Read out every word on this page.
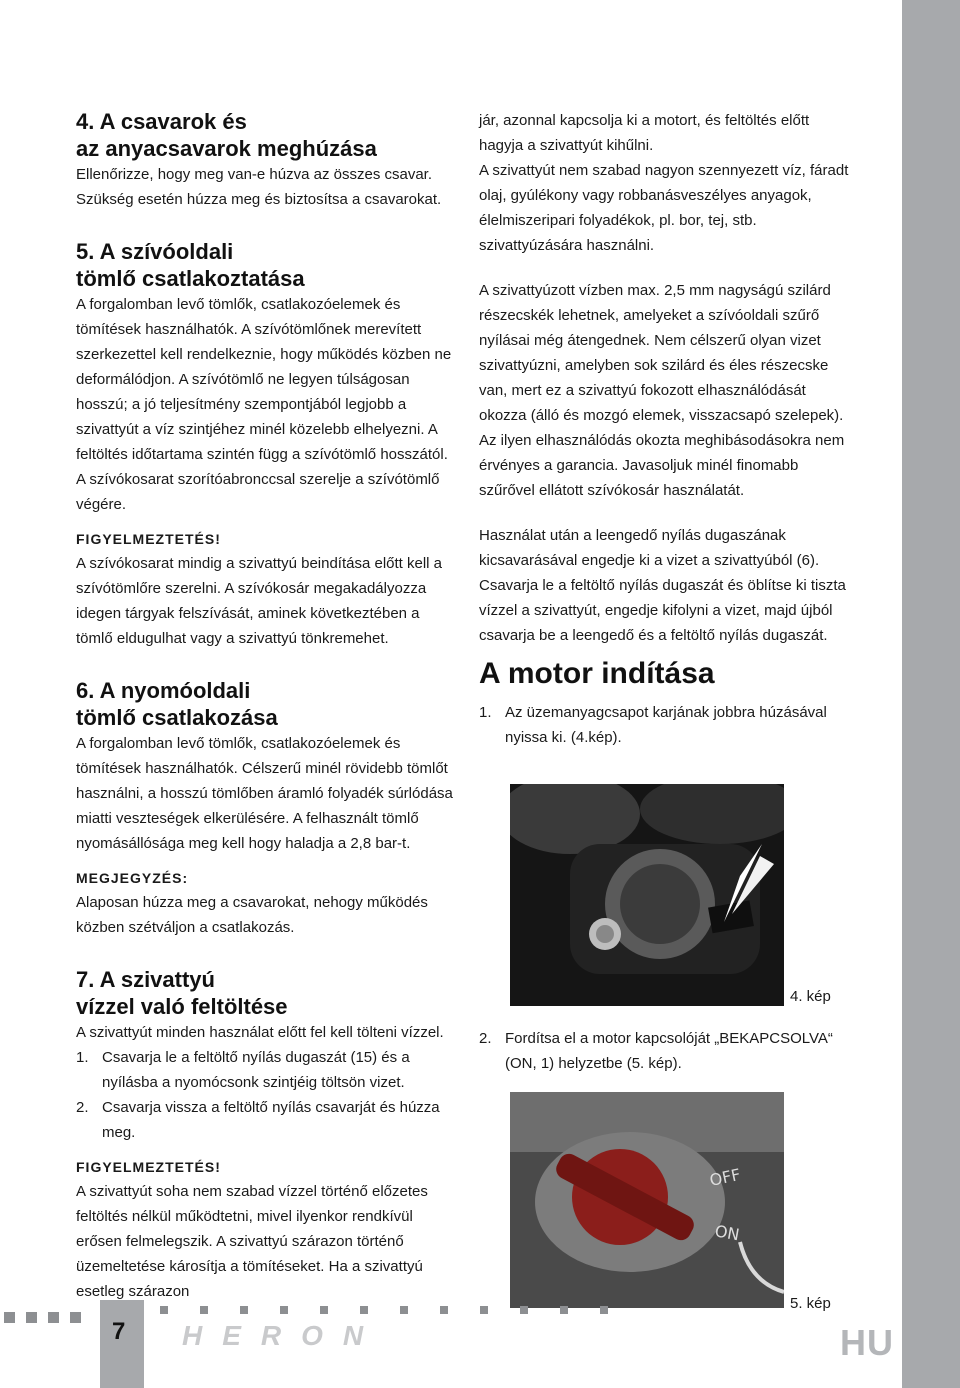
4. A csavarok és
az anyacsavarok meghúzása

Ellenőrizze, hogy meg van-e húzva az összes csavar. Szükség esetén húzza meg és biztosítsa a csavarokat.

5. A szívóoldali
tömlő csatlakoztatása

A forgalomban levő tömlők, csatlakozóelemek és tömítések használhatók. A szívótömlőnek merevített szerkezettel kell rendelkeznie, hogy működés közben ne deformálódjon. A szívótömlő ne legyen túlságosan hosszú; a jó teljesítmény szempontjából legjobb a szivattyút a víz szintjéhez minél közelebb elhelyezni. A feltöltés időtartama szintén függ a szívótömlő hosszától. A szívókosarat szorítóabronccsal szerelje a szívótömlő végére.

FIGYELMEZTETÉS!

A szívókosarat mindig a szivattyú beindítása előtt kell a szívótömlőre szerelni. A szívókosár megakadályozza idegen tárgyak felszívását, aminek következtében a tömlő eldugulhat vagy a szivattyú tönkremehet.

6. A nyomóoldali
tömlő csatlakozása

A forgalomban levő tömlők, csatlakozóelemek és tömítések használhatók. Célszerű minél rövidebb tömlőt használni, a hosszú tömlőben áramló folyadék súrlódása miatti veszteségek elkerülésére. A felhasznált tömlő nyomásállósága meg kell hogy haladja a 2,8 bar-t.

MEGJEGYZÉS:

Alaposan húzza meg a csavarokat, nehogy működés közben szétváljon a csatlakozás.

7. A szivattyú
vízzel való feltöltése

A szivattyút minden használat előtt fel kell tölteni vízzel.

1. Csavarja le a feltöltő nyílás dugaszát (15) és a nyílásba a nyomócsonk szintjéig töltsön vizet.
2. Csavarja vissza a feltöltő nyílás csavarját és húzza meg.

FIGYELMEZTETÉS!

A szivattyút soha nem szabad vízzel történő előzetes feltöltés nélkül működtetni, mivel ilyenkor rendkívül erősen felmelegszik. A szivattyú szárazon történő üzemeltetése károsítja a tömítéseket. Ha a szivattyú esetleg szárazon

jár, azonnal kapcsolja ki a motort, és feltöltés előtt hagyja a szivattyút kihűlni.

A szivattyút nem szabad nagyon szennyezett víz, fáradt olaj, gyúlékony vagy robbanásveszélyes anyagok, élelmiszeripari folyadékok, pl. bor, tej, stb. szivattyúzására használni.

A szivattyúzott vízben max. 2,5 mm nagyságú szilárd részecskék lehetnek, amelyeket a szívóoldali szűrő nyílásai még átengednek. Nem célszerű olyan vizet szivattyúzni, amelyben sok szilárd és éles részecske van, mert ez a szivattyú fokozott elhasználódását okozza (álló és mozgó elemek, visszacsapó szelepek). Az ilyen elhasználódás okozta meghibásodásokra nem érvényes a garancia. Javasoljuk minél finomabb szűrővel ellátott szívókosár használatát.

Használat után a leengedő nyílás dugaszának kicsavarásával engedje ki a vizet a szivattyúból (6). Csavarja le a feltöltő nyílás dugaszát és öblítse ki tiszta vízzel a szivattyút, engedje kifolyni a vizet, majd újból csavarja be a leengedő és a feltöltő nyílás dugaszát.

A motor indítása
1. Az üzemanyagcsapot karjának jobbra húzásával nyissa ki. (4.kép).
4. kép
2. Fordítsa el a motor kapcsolóját „BEKAPCSOLVA“ (ON, 1) helyzetbe (5. kép).
OFF
ON
5. kép
7 HERON	HU
